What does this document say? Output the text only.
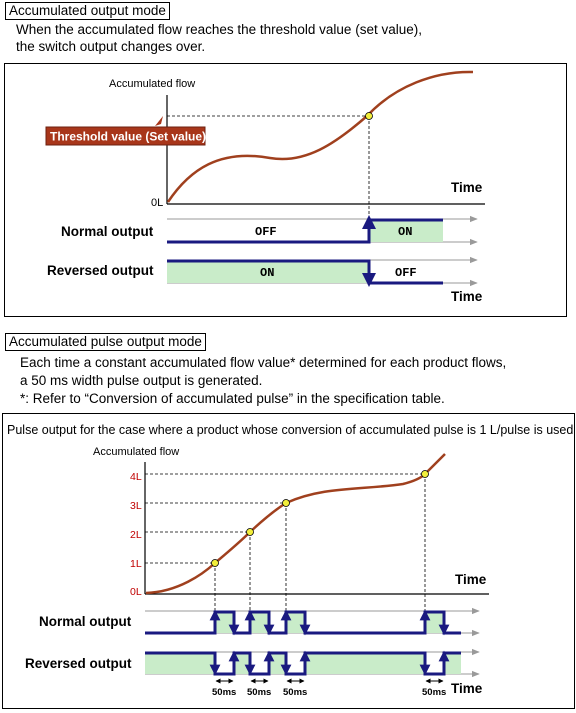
Accumulated output mode
When the accumulated flow reaches the threshold value (set value),
the switch output changes over.
Accumulated flow
0L
Time
Threshold value (Set value)
Normal output	OFF	ON
Reversed output	ON	OFF
Time
Accumulated pulse output mode
Each time a constant accumulated flow value* determined for each product flows,
a 50 ms width pulse output is generated.
*: Refer to “Conversion of accumulated pulse” in the specification table.
Pulse output for the case where a product whose conversion of accumulated pulse is 1 L/pulse is used
Accumulated flow
Time
4L
3L
2L
1L
0L
Normal output
Reversed output
50ms 50ms 50ms	50ms Time
